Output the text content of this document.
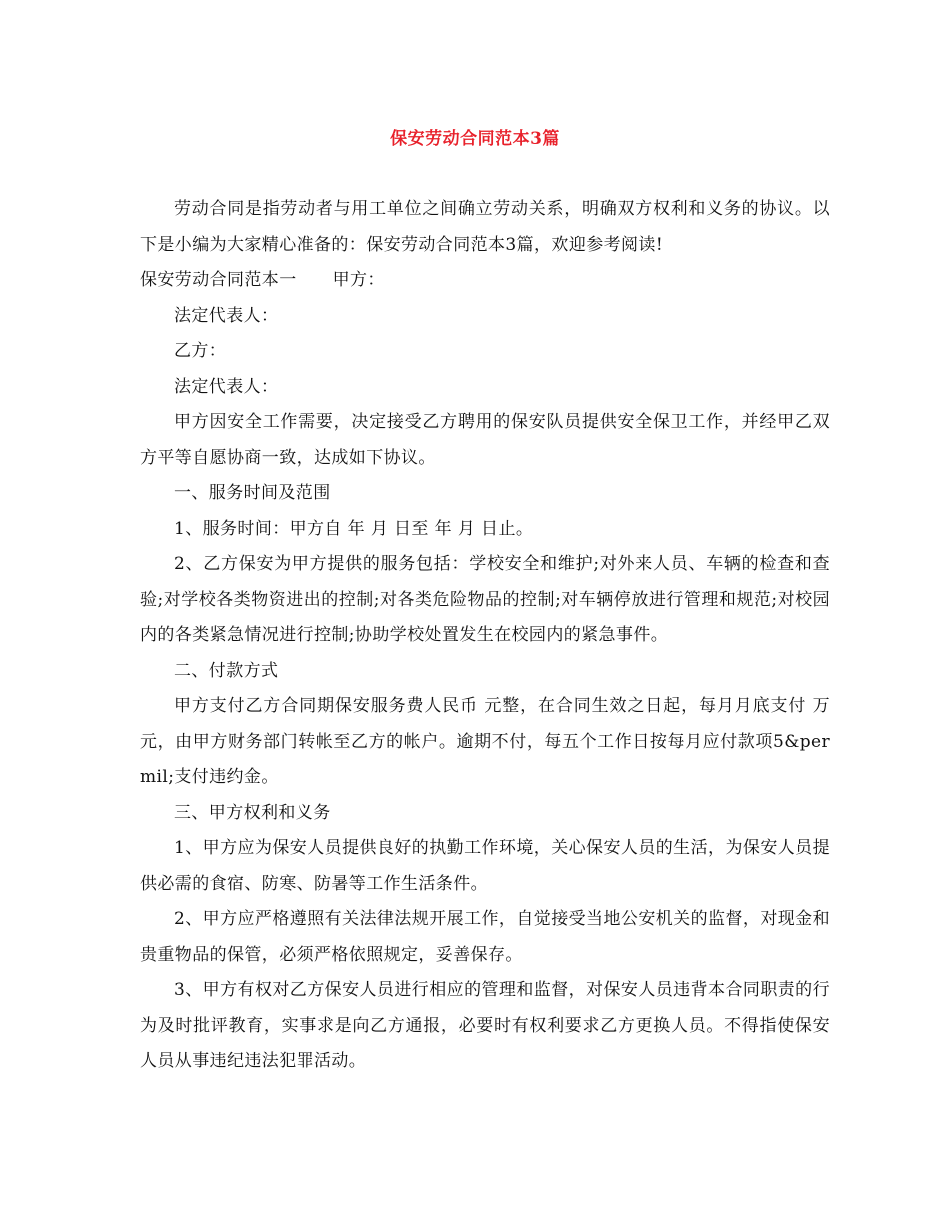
保安劳动合同范本3篇

劳动合同是指劳动者与用工单位之间确立劳动关系，明确双方权利和义务的协议。以下是小编为大家精心准备的：保安劳动合同范本3篇，欢迎参考阅读!

保安劳动合同范本一 甲方：

法定代表人：

乙方：

法定代表人：

甲方因安全工作需要，决定接受乙方聘用的保安队员提供安全保卫工作，并经甲乙双方平等自愿协商一致，达成如下协议。

一、服务时间及范围

1、服务时间：甲方自 年 月 日至 年 月 日止。

2、乙方保安为甲方提供的服务包括：学校安全和维护;对外来人员、车辆的检查和查验;对学校各类物资进出的控制;对各类危险物品的控制;对车辆停放进行管理和规范;对校园内的各类紧急情况进行控制;协助学校处置发生在校园内的紧急事件。

二、付款方式

甲方支付乙方合同期保安服务费人民币 元整，在合同生效之日起，每月月底支付 万元，由甲方财务部门转帐至乙方的帐户。逾期不付，每五个工作日按每月应付款项5&permil;支付违约金。

三、甲方权利和义务

1、甲方应为保安人员提供良好的执勤工作环境，关心保安人员的生活，为保安人员提供必需的食宿、防寒、防暑等工作生活条件。

2、甲方应严格遵照有关法律法规开展工作，自觉接受当地公安机关的监督，对现金和贵重物品的保管，必须严格依照规定，妥善保存。

3、甲方有权对乙方保安人员进行相应的管理和监督，对保安人员违背本合同职责的行为及时批评教育，实事求是向乙方通报，必要时有权利要求乙方更换人员。不得指使保安人员从事违纪违法犯罪活动。
